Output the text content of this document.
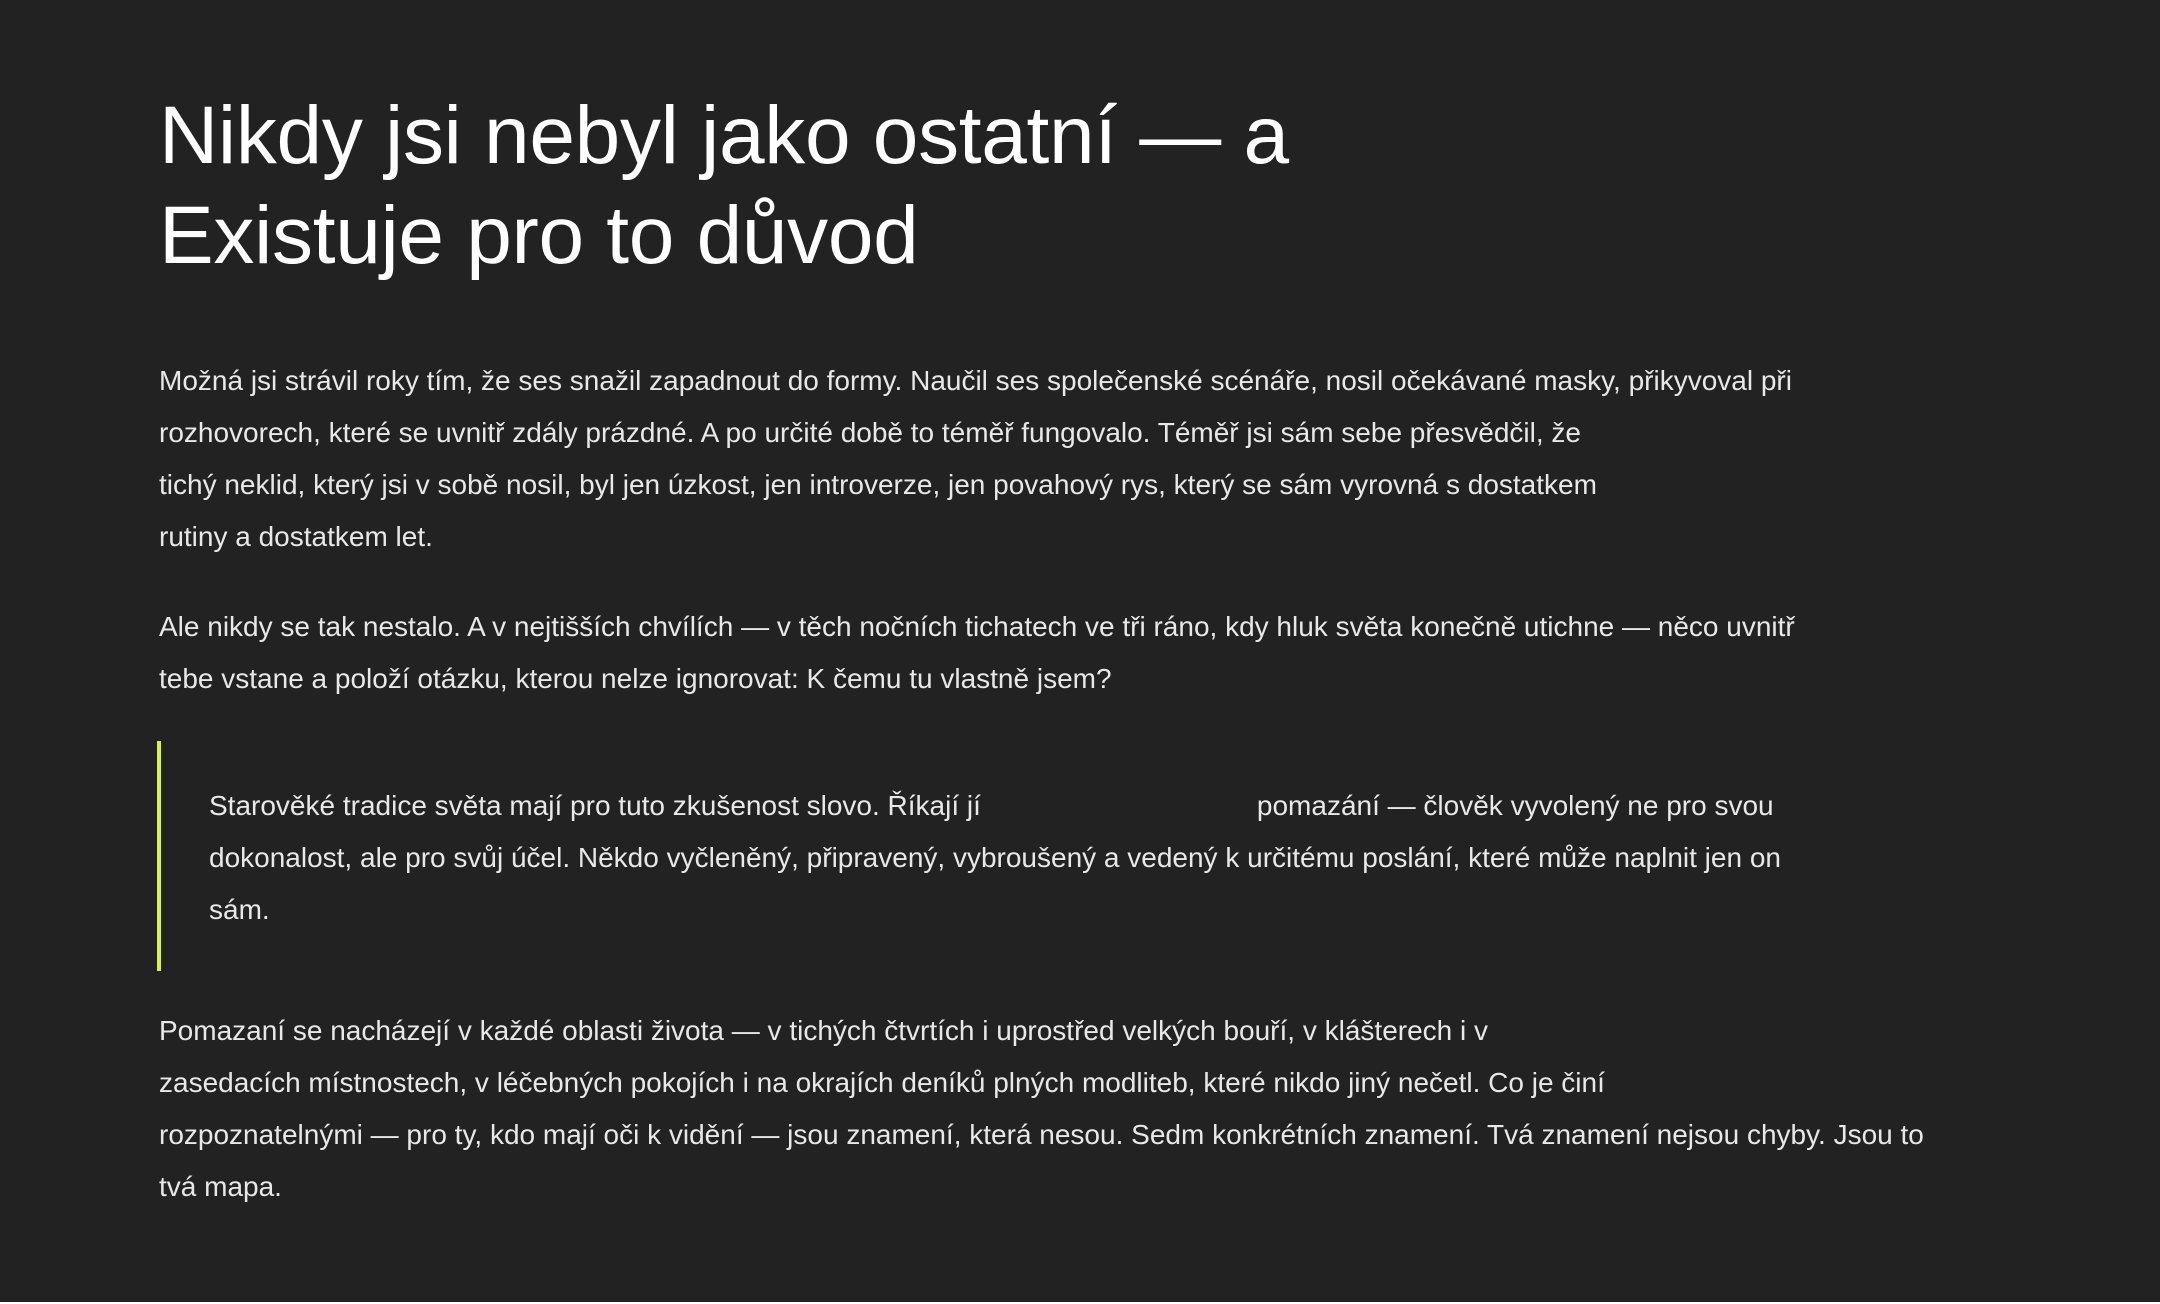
Nikdy jsi nebyl jako ostatní — a
Existuje pro to důvod

Možná jsi strávil roky tím, že ses snažil zapadnout do formy. Naučil ses společenské scénáře, nosil očekávané masky, přikyvoval při
rozhovorech, které se uvnitř zdály prázdné. A po určité době to téměř fungovalo. Téměř jsi sám sebe přesvědčil, že
tichý neklid, který jsi v sobě nosil, byl jen úzkost, jen introverze, jen povahový rys, který se sám vyrovná s dostatkem
rutiny a dostatkem let.

Ale nikdy se tak nestalo. A v nejtišších chvílích — v těch nočních tichatech ve tři ráno, kdy hluk světa konečně utichne — něco uvnitř
tebe vstane a položí otázku, kterou nelze ignorovat: K čemu tu vlastně jsem?

Starověké tradice světa mají pro tuto zkušenost slovo. Říkají jí	pomazání — člověk vyvolený ne pro svou
dokonalost, ale pro svůj účel. Někdo vyčleněný, připravený, vybroušený a vedený k určitému poslání, které může naplnit jen on
sám.

Pomazaní se nacházejí v každé oblasti života — v tichých čtvrtích i uprostřed velkých bouří, v klášterech i v
zasedacích místnostech, v léčebných pokojích i na okrajích deníků plných modliteb, které nikdo jiný nečetl. Co je činí
rozpoznatelnými — pro ty, kdo mají oči k vidění — jsou znamení, která nesou. Sedm konkrétních znamení. Tvá znamení nejsou chyby. Jsou to
tvá mapa.
